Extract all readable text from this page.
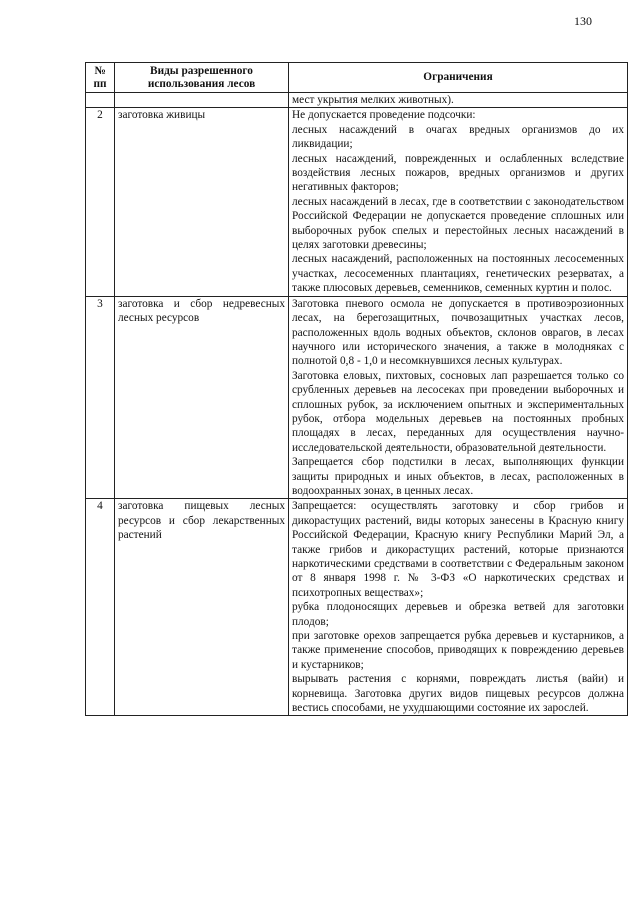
130
№ пп	Виды разрешенного использования лесов	Ограничения
		мест укрытия мелких животных).
2	заготовка живицы	Не допускается проведение подсочки:
лесных насаждений в очагах вредных организмов до их ликвидации;
лесных насаждений, поврежденных и ослабленных вследствие воздействия лесных пожаров, вредных организмов и других негативных факторов;
лесных насаждений в лесах, где в соответствии с законодательством Российской Федерации не допускается проведение сплошных или выборочных рубок спелых и перестойных лесных насаждений в целях заготовки древесины;
лесных насаждений, расположенных на постоянных лесосеменных участках, лесосеменных плантациях, генетических резерватах, а также плюсовых деревьев, семенников, семенных куртин и полос.

3	заготовка и сбор недревесных лесных ресурсов	Заготовка пневого осмола не допускается в противоэрозионных лесах, на берегозащитных, почвозащитных участках лесов, расположенных вдоль водных объектов, склонов оврагов, в лесах научного или исторического значения, а также в молодняках с полнотой 0,8 - 1,0 и несомкнувшихся лесных культурах.
Заготовка еловых, пихтовых, сосновых лап разрешается только со срубленных деревьев на лесосеках при проведении выборочных и сплошных рубок, за исключением опытных и экспериментальных рубок, отбора модельных деревьев на постоянных пробных площадях в лесах, переданных для осуществления научно-исследовательской деятельности, образовательной деятельности.
Запрещается сбор подстилки в лесах, выполняющих функции защиты природных и иных объектов, в лесах, расположенных в водоохранных зонах, в ценных лесах.

4	заготовка пищевых лесных ресурсов и сбор лекарственных растений	Запрещается: осуществлять заготовку и сбор грибов и дикорастущих растений, виды которых занесены в Красную книгу Российской Федерации, Красную книгу Республики Марий Эл, а также грибов и дикорастущих растений, которые признаются наркотическими средствами в соответствии с Федеральным законом от 8 января 1998 г. № 3-ФЗ «О наркотических средствах и психотропных веществах»;
рубка плодоносящих деревьев и обрезка ветвей для заготовки плодов;
при заготовке орехов запрещается рубка деревьев и кустарников, а также применение способов, приводящих к повреждению деревьев и кустарников;
вырывать растения с корнями, повреждать листья (вайи) и корневища. Заготовка других видов пищевых ресурсов должна вестись способами, не ухудшающими состояние их зарослей.
